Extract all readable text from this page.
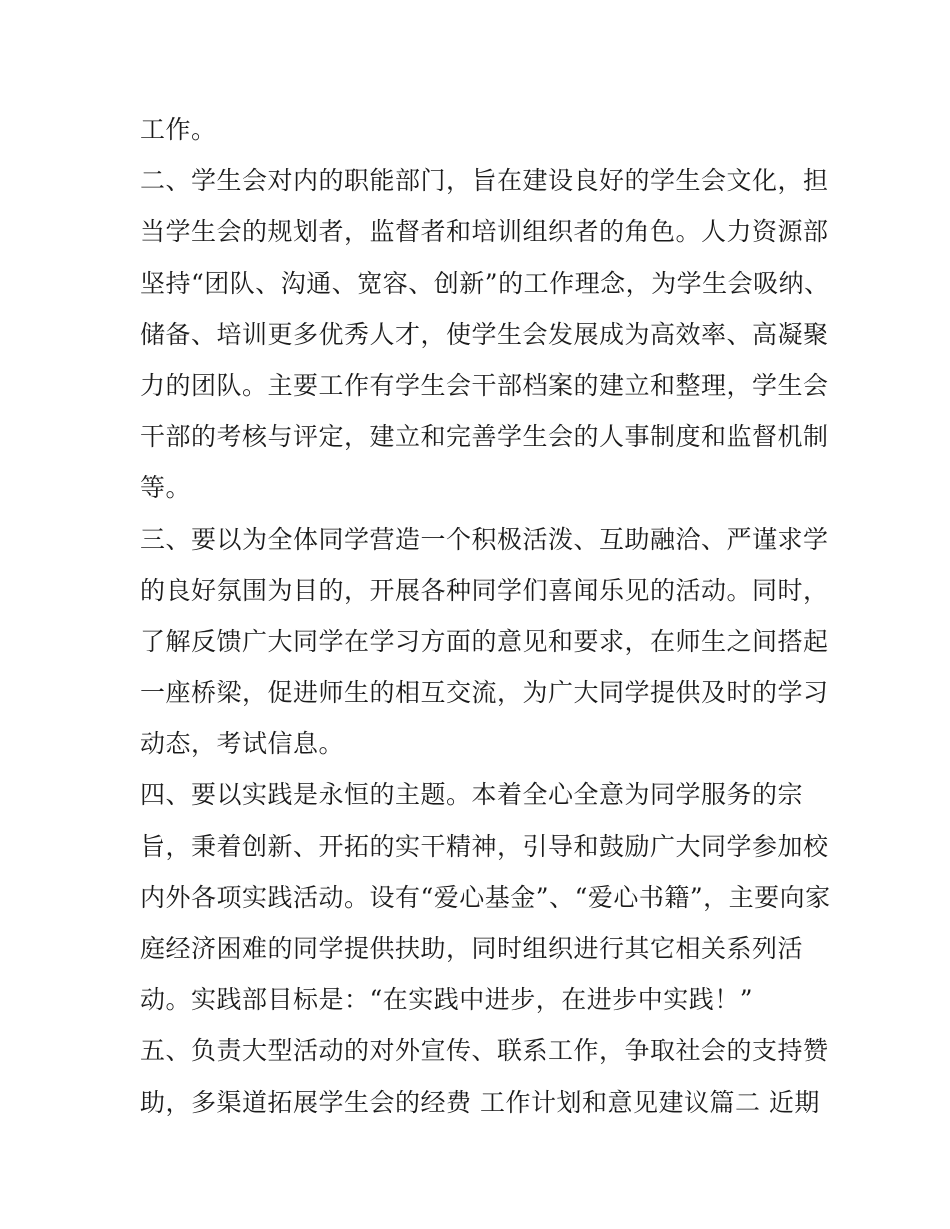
工作。
二、学生会对内的职能部门，旨在建设良好的学生会文化，担
当学生会的规划者，监督者和培训组织者的角色。人力资源部
坚持“团队、沟通、宽容、创新”的工作理念，为学生会吸纳、
储备、培训更多优秀人才，使学生会发展成为高效率、高凝聚
力的团队。主要工作有学生会干部档案的建立和整理，学生会
干部的考核与评定，建立和完善学生会的人事制度和监督机制
等。
三、要以为全体同学营造一个积极活泼、互助融洽、严谨求学
的良好氛围为目的，开展各种同学们喜闻乐见的活动。同时，
了解反馈广大同学在学习方面的意见和要求，在师生之间搭起
一座桥梁，促进师生的相互交流，为广大同学提供及时的学习
动态，考试信息。
四、要以实践是永恒的主题。本着全心全意为同学服务的宗
旨，秉着创新、开拓的实干精神，引导和鼓励广大同学参加校
内外各项实践活动。设有“爱心基金”、“爱心书籍”，主要向家
庭经济困难的同学提供扶助，同时组织进行其它相关系列活
动。实践部目标是：“在实践中进步，在进步中实践！”
五、负责大型活动的对外宣传、联系工作，争取社会的支持赞
助，多渠道拓展学生会的经费 工作计划和意见建议篇二 近期
